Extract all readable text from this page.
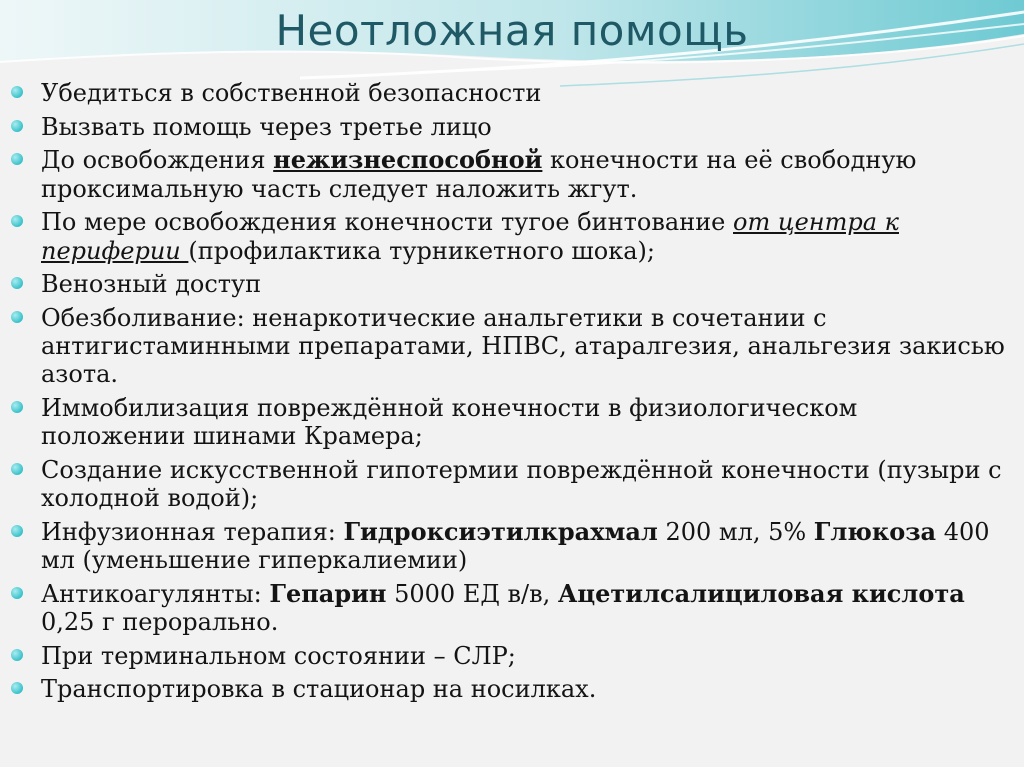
Неотложная помощь
Убедиться в собственной безопасности
Вызвать помощь через третье лицо
До освобождения нежизнеспособной конечности на её свободную проксимальную часть следует наложить жгут.
По мере освобождения конечности тугое бинтование от центра к периферии (профилактика турникетного шока);
Венозный доступ
Обезболивание: ненаркотические анальгетики в сочетании с антигистаминными препаратами, НПВС, атаралгезия, анальгезия закисью азота.
Иммобилизация повреждённой конечности в физиологическом положении шинами Крамера;
Создание искусственной гипотермии повреждённой конечности (пузыри с холодной водой);
Инфузионная терапия: Гидроксиэтилкрахмал 200 мл, 5% Глюкоза 400 мл (уменьшение гиперкалиемии)
Антикоагулянты: Гепарин 5000 ЕД в/в, Ацетилсалициловая кислота 0,25 г перорально.
При терминальном состоянии – СЛР;
Транспортировка в стационар на носилках.
